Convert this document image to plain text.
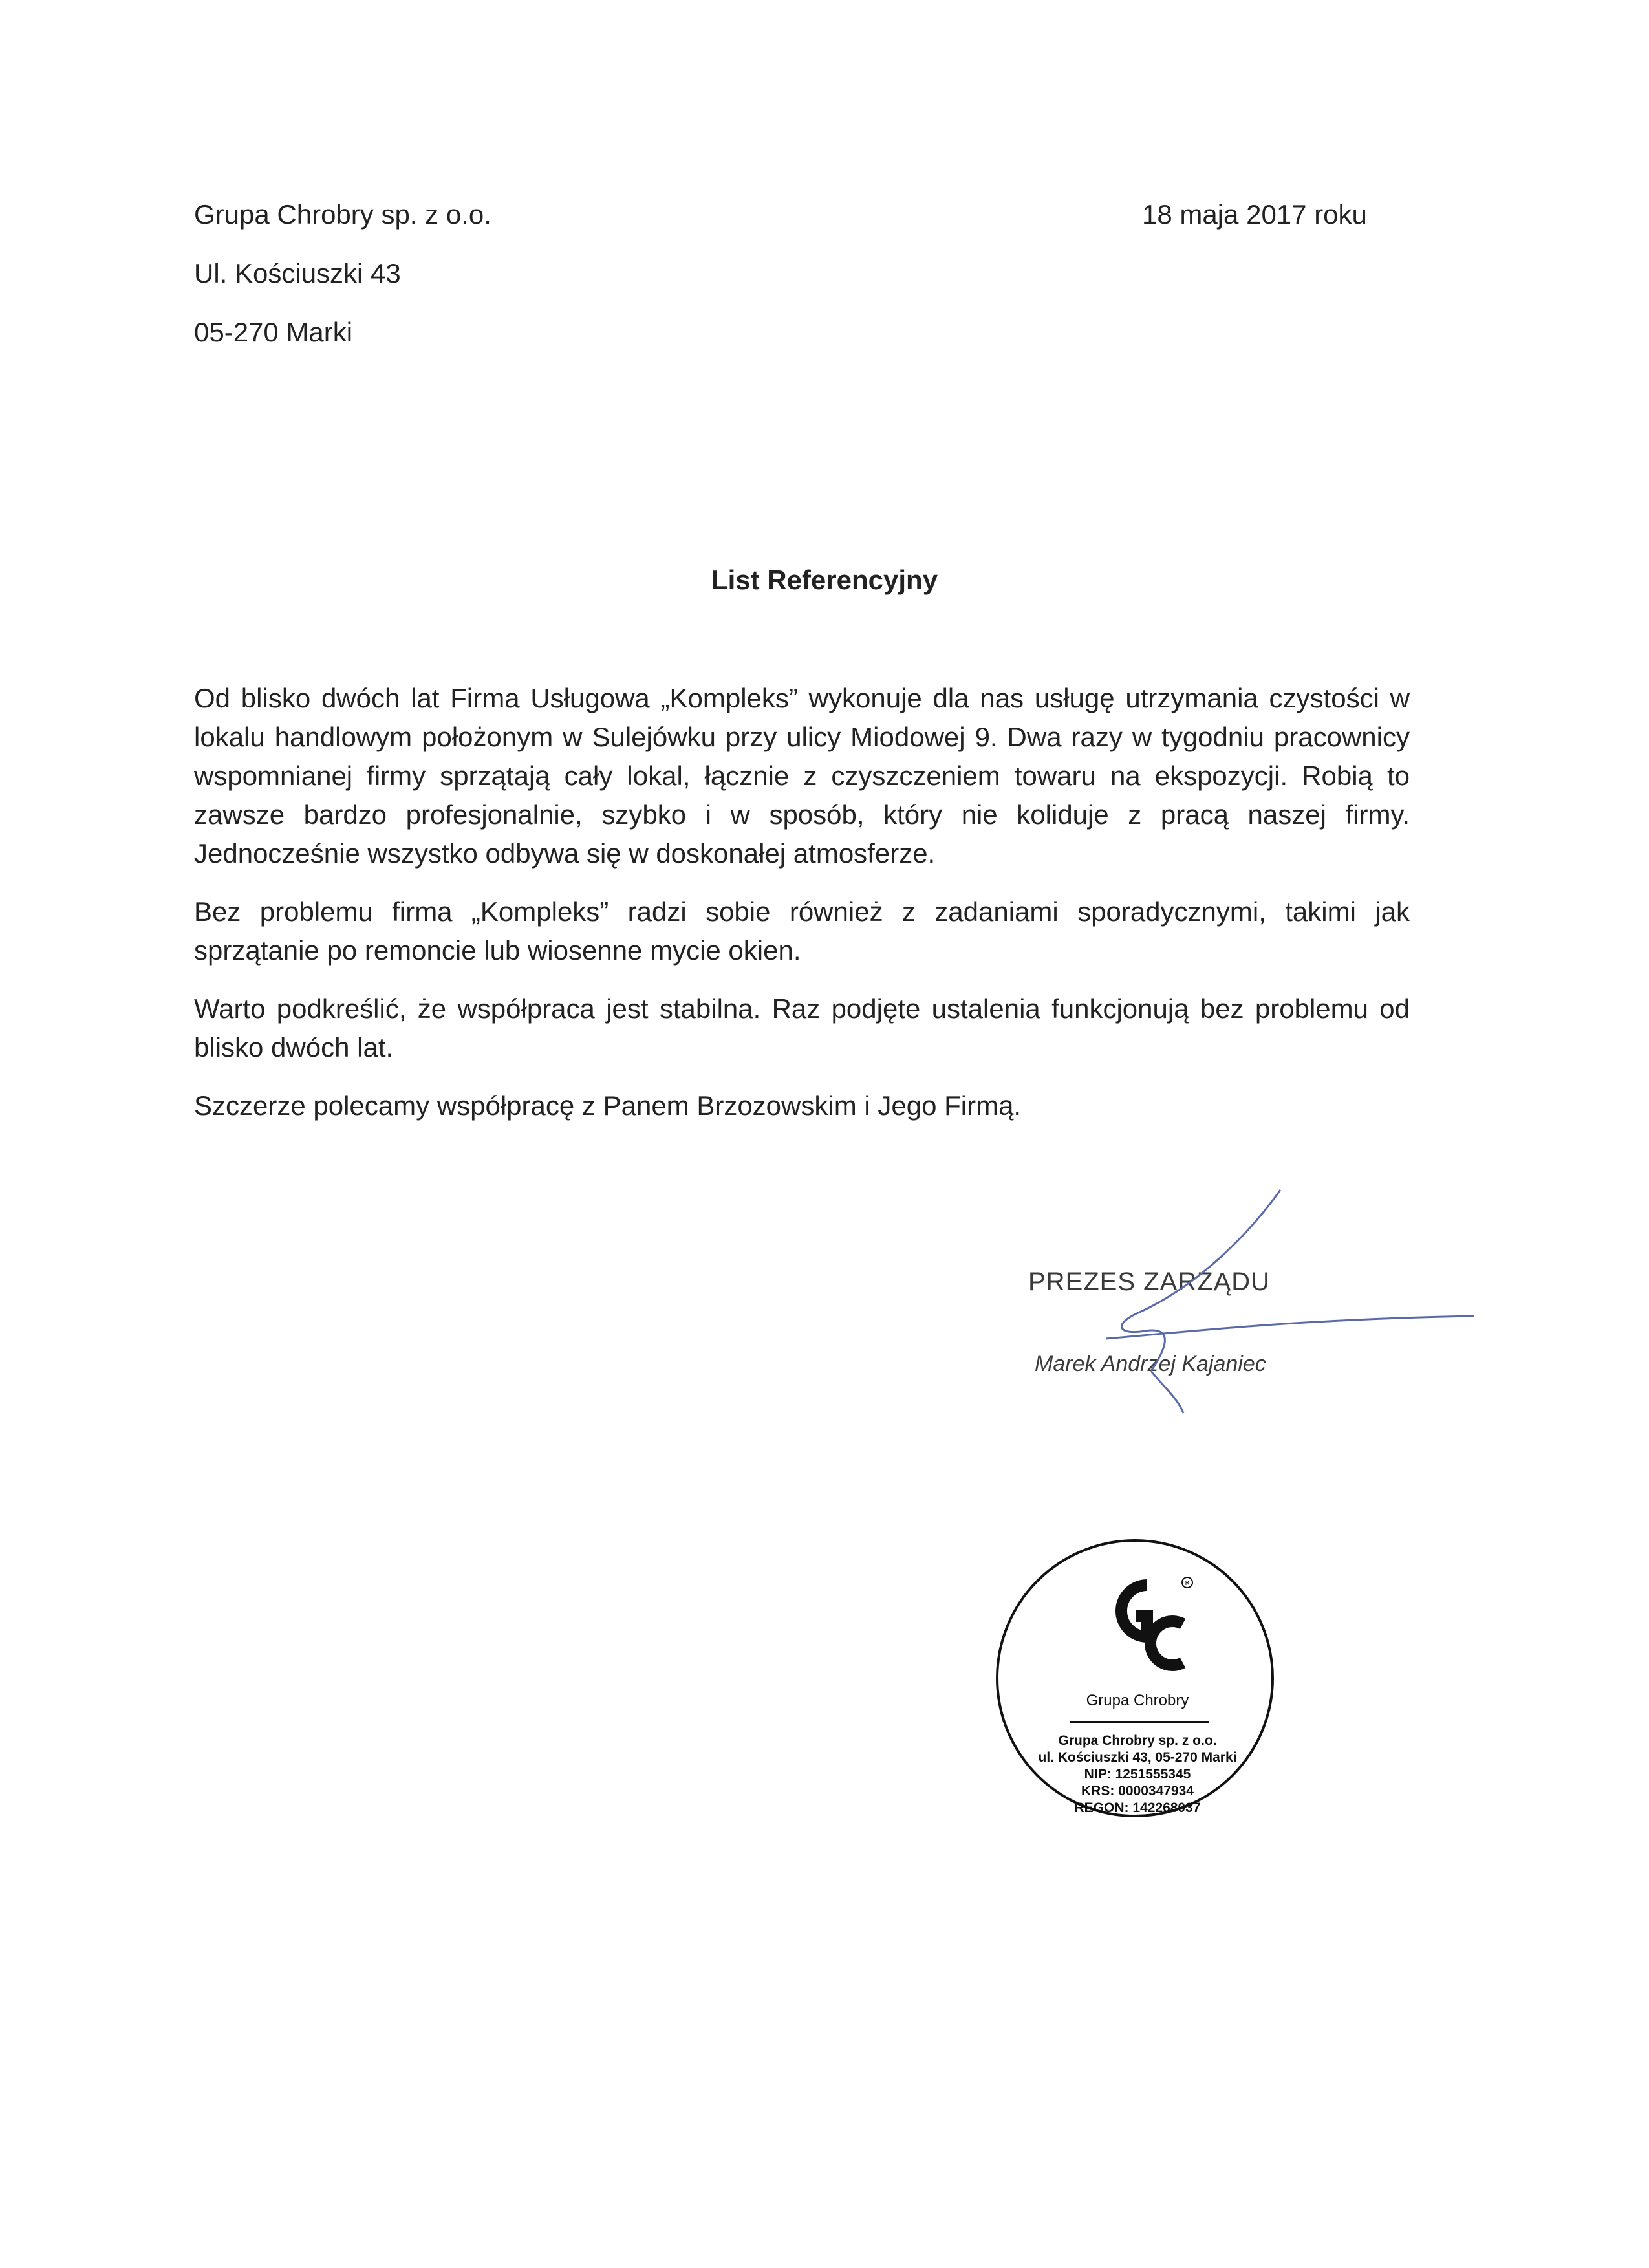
Grupa Chrobry sp. z o.o.
Ul. Kościuszki 43
05-270 Marki
18 maja 2017 roku
List Referencyjny

Od blisko dwóch lat Firma Usługowa „Kompleks” wykonuje dla nas usługę utrzymania czystości w lokalu handlowym położonym w Sulejówku przy ulicy Miodowej 9. Dwa razy w tygodniu pracownicy wspomnianej firmy sprzątają cały lokal, łącznie z czyszczeniem towaru na ekspozycji. Robią to zawsze bardzo profesjonalnie, szybko i w sposób, który nie koliduje z pracą naszej firmy. Jednocześnie wszystko odbywa się w doskonałej atmosferze.

Bez problemu firma „Kompleks” radzi sobie również z zadaniami sporadycznymi, takimi jak sprzątanie po remoncie lub wiosenne mycie okien.

Warto podkreślić, że współpraca jest stabilna. Raz podjęte ustalenia funkcjonują bez problemu od blisko dwóch lat.

Szczerze polecamy współpracę z Panem Brzozowskim i Jego Firmą.

PREZES ZARZĄDU
Marek Andrzej Kajaniec
R
Grupa Chrobry
Grupa Chrobry sp. z o.o.
ul. Kościuszki 43, 05-270 Marki
NIP: 1251555345
KRS: 0000347934
REGON: 142268037
